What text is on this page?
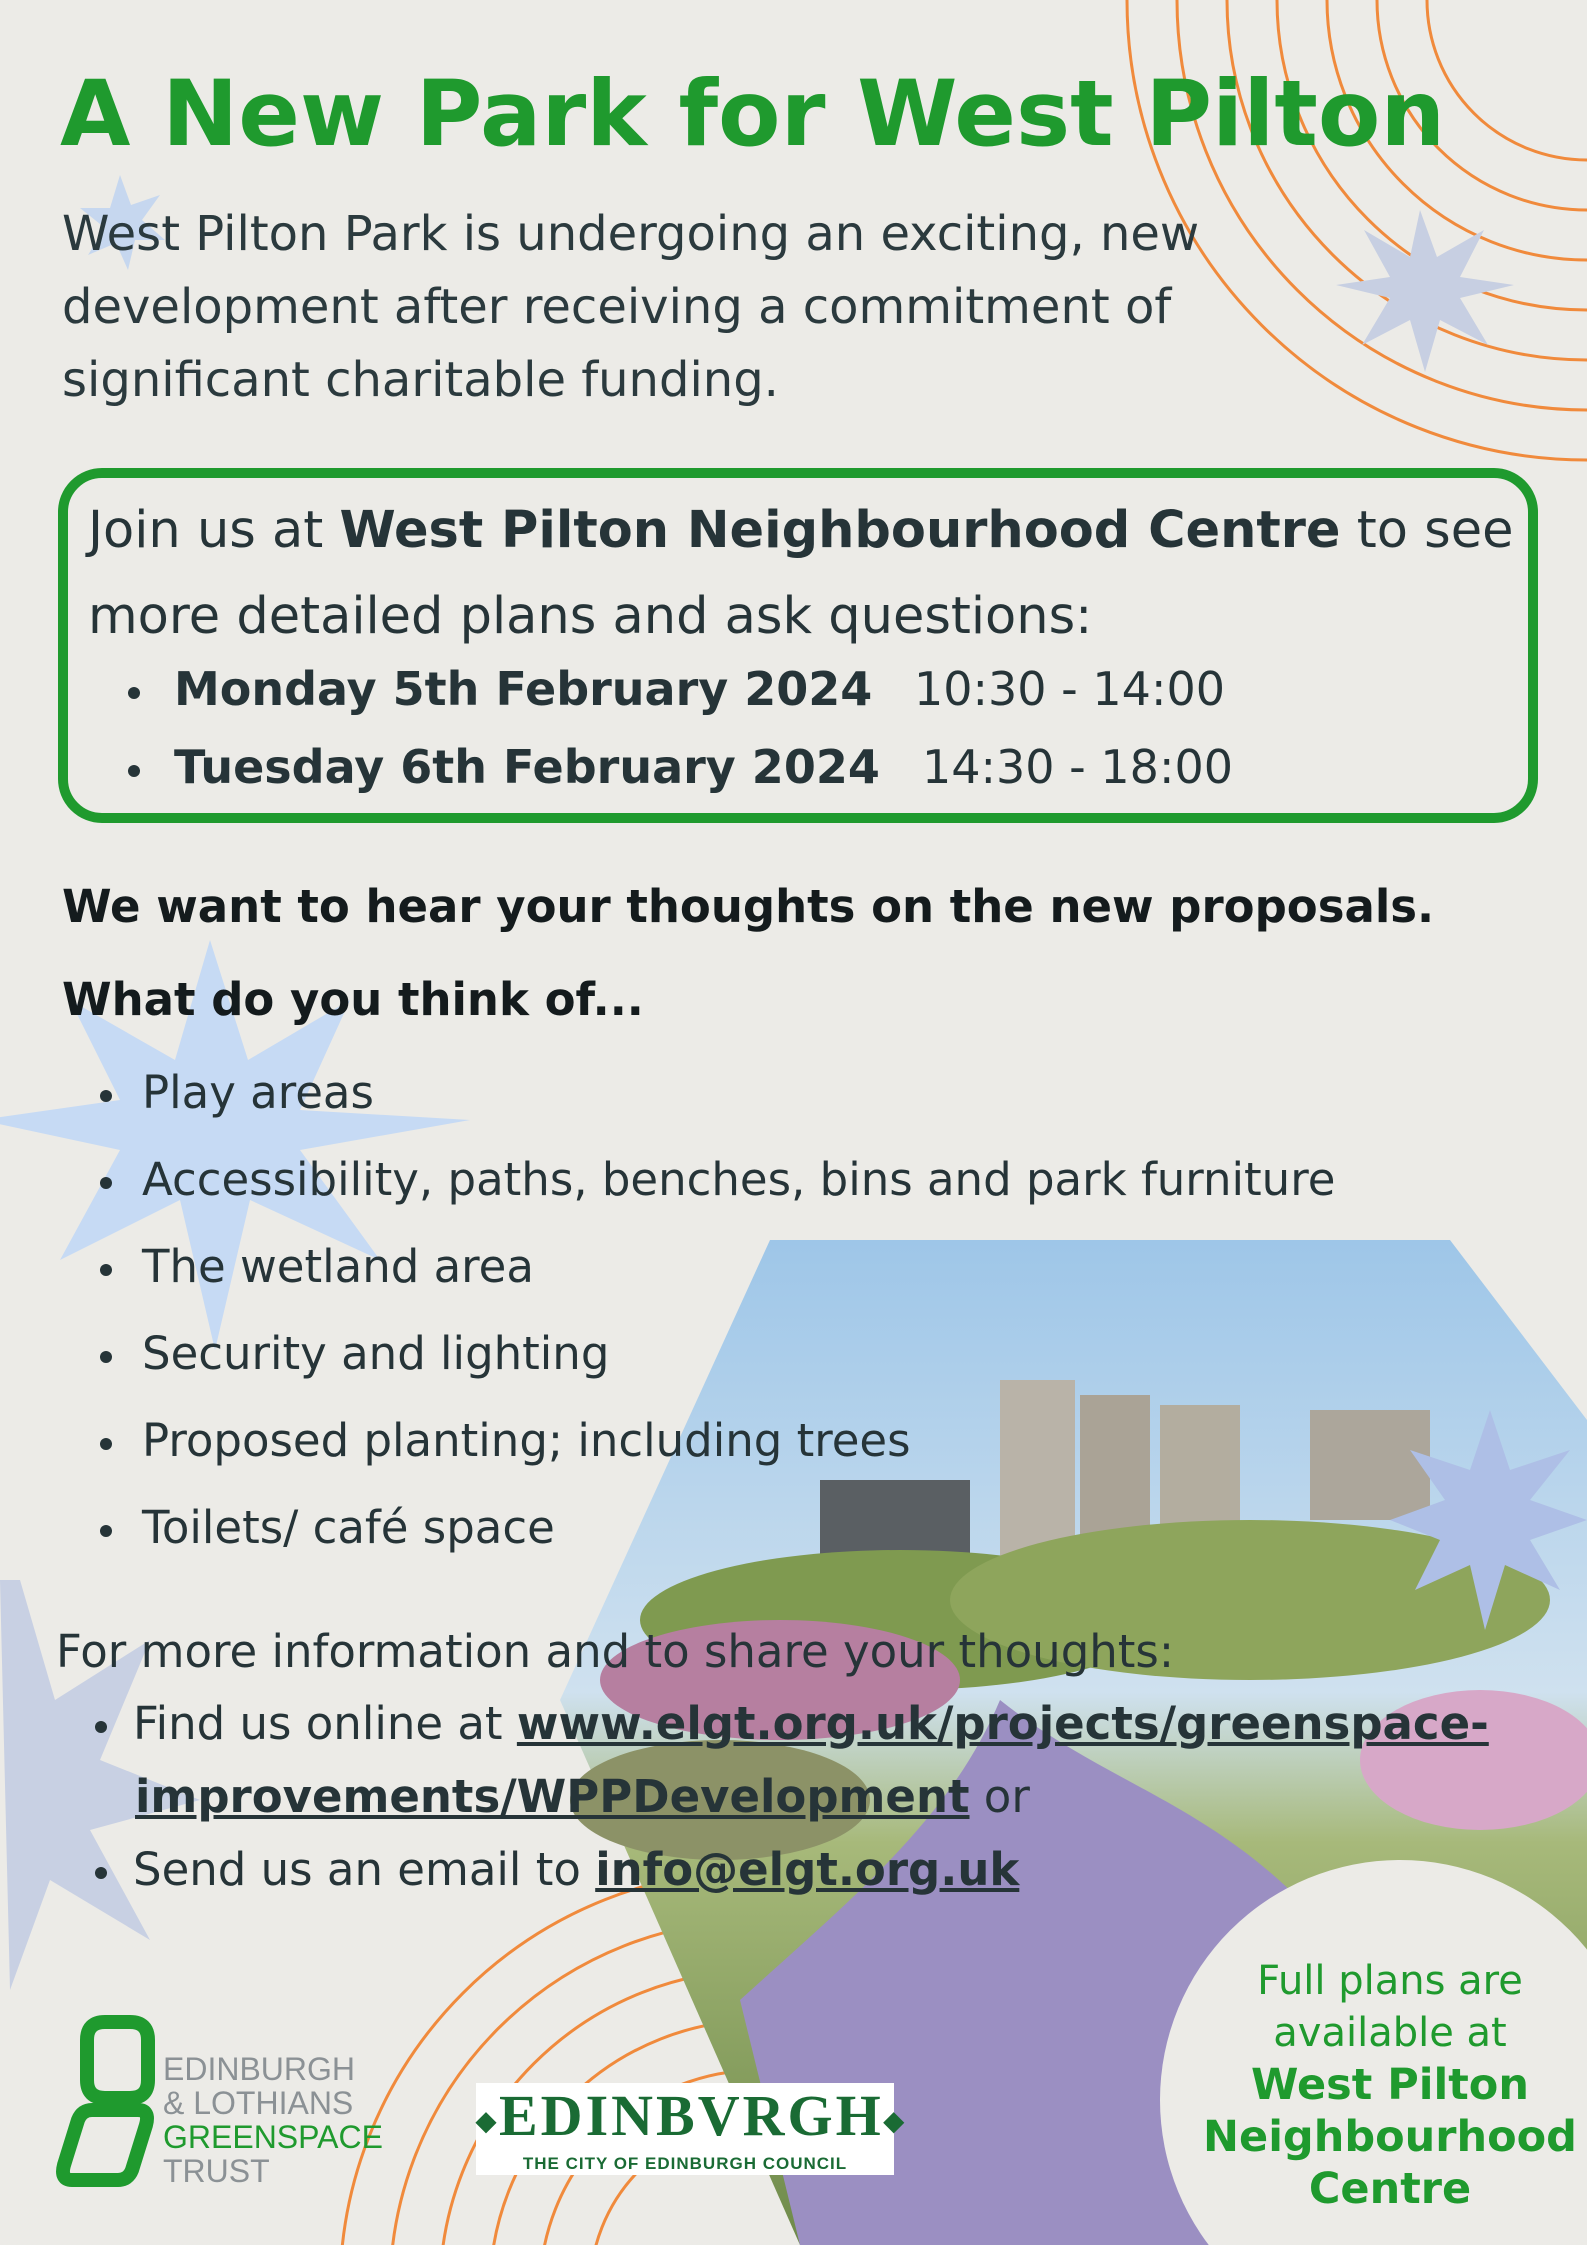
A New Park for West Pilton
West Pilton Park is undergoing an exciting, new development after receiving a commitment of significant charitable funding.
Join us at West Pilton Neighbourhood Centre to see more detailed plans and ask questions:
Monday 5th February 2024 10:30 - 14:00
Tuesday 6th February 2024 14:30 - 18:00
We want to hear your thoughts on the new proposals.
What do you think of...
Play areas
Accessibility, paths, benches, bins and park furniture
The wetland area
Security and lighting
Proposed planting; including trees
Toilets/ café space
For more information and to share your thoughts:
Find us online at www.elgt.org.uk/projects/greenspace-
improvements/WPPDevelopment or
Send us an email to info@elgt.org.uk
Full plans are
available at
West Pilton
Neighbourhood
Centre
EDINBURGH
& LOTHIANS
GREENSPACE
TRUST
◆EDINBVRGH◆
THE CITY OF EDINBURGH COUNCIL
